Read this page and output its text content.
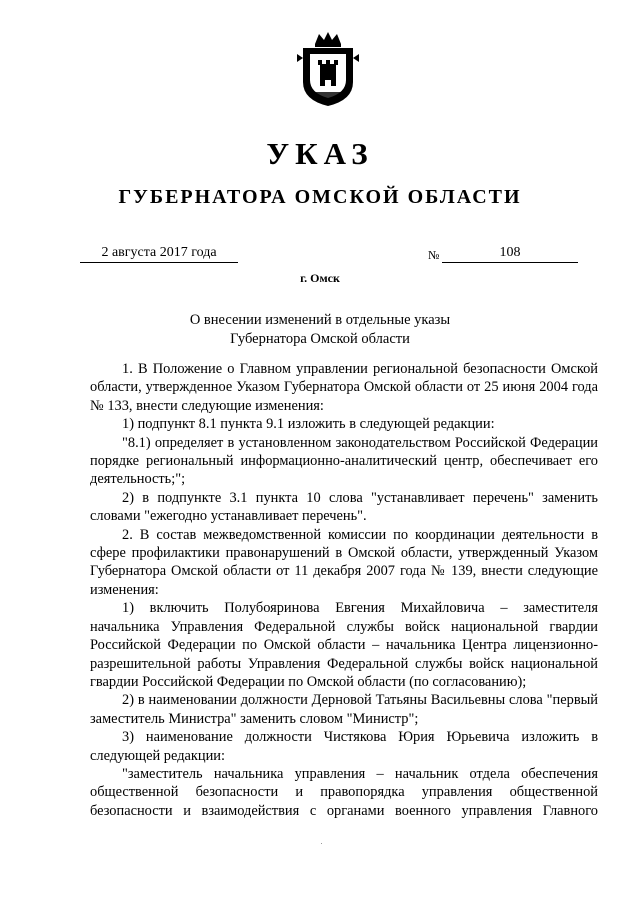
УКАЗ
ГУБЕРНАТОРА ОМСКОЙ ОБЛАСТИ
2 августа 2017 года	№	108
г. Омск
О внесении изменений в отдельные указы
Губернатора Омской области

1. В Положение о Главном управлении региональной безопасности Омской области, утвержденное Указом Губернатора Омской области от 25 июня 2004 года № 133, внести следующие изменения:

1) подпункт 8.1 пункта 9.1 изложить в следующей редакции:

"8.1) определяет в установленном законодательством Российской Федерации порядке региональный информационно-аналитический центр, обеспечивает его деятельность;";

2) в подпункте 3.1 пункта 10 слова "устанавливает перечень" заменить словами "ежегодно устанавливает перечень".

2. В состав межведомственной комиссии по координации деятельности в сфере профилактики правонарушений в Омской области, утвержденный Указом Губернатора Омской области от 11 декабря 2007 года № 139, внести следующие изменения:

1) включить Полубояринова Евгения Михайловича – заместителя начальника Управления Федеральной службы войск национальной гвардии Российской Федерации по Омской области – начальника Центра лицензионно-разрешительной работы Управления Федеральной службы войск национальной гвардии Российской Федерации по Омской области (по согласованию);

2) в наименовании должности Дерновой Татьяны Васильевны слова "первый заместитель Министра" заменить словом "Министр";

3) наименование должности Чистякова Юрия Юрьевича изложить в следующей редакции:

"заместитель начальника управления – начальник отдела обеспечения общественной безопасности и правопорядка управления общественной безопасности и взаимодействия с органами военного управления Главного
